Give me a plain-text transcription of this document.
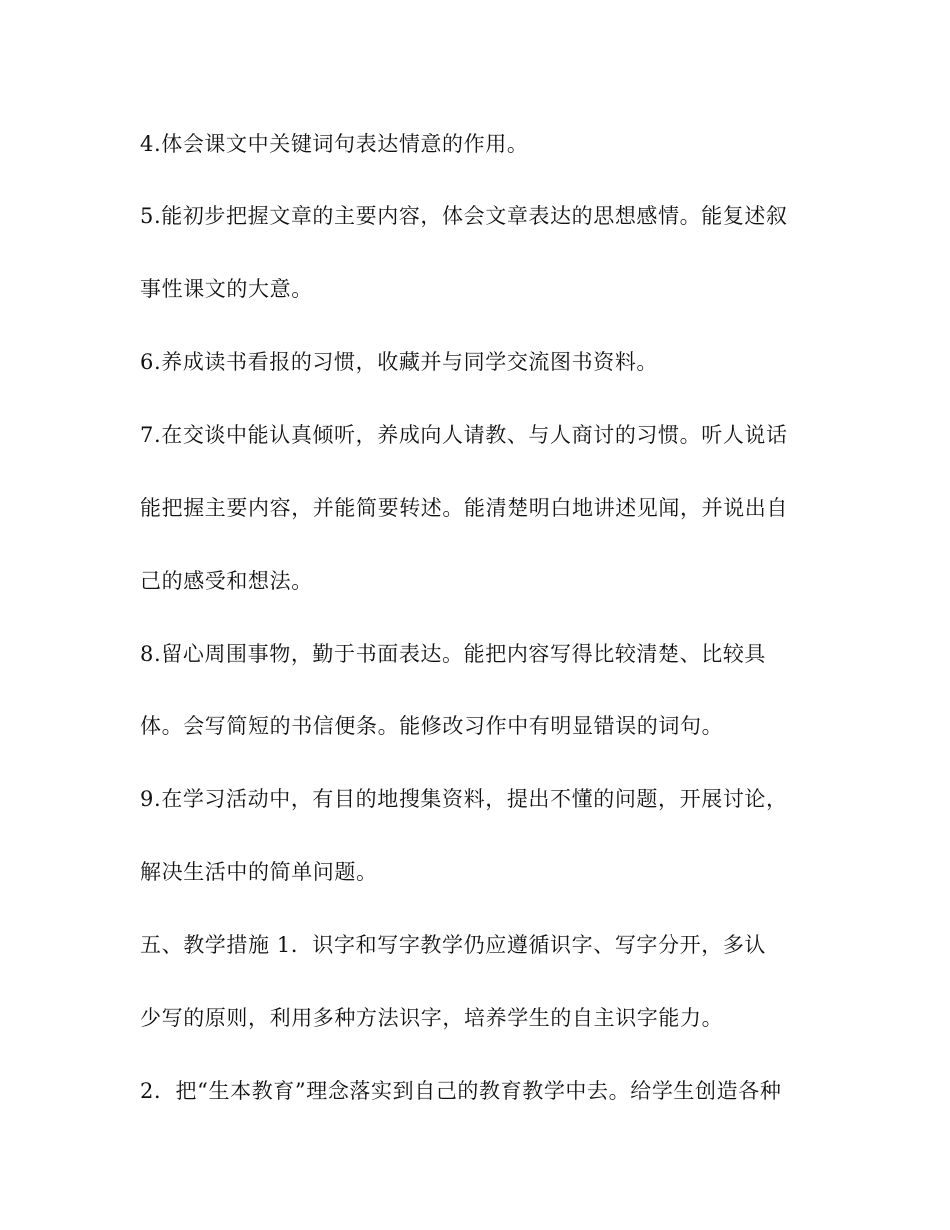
4.体会课文中关键词句表达情意的作用。
5.能初步把握文章的主要内容，体会文章表达的思想感情。能复述叙
事性课文的大意。
6.养成读书看报的习惯，收藏并与同学交流图书资料。
7.在交谈中能认真倾听，养成向人请教、与人商讨的习惯。听人说话
能把握主要内容，并能简要转述。能清楚明白地讲述见闻，并说出自
己的感受和想法。
8.留心周围事物，勤于书面表达。能把内容写得比较清楚、比较具
体。会写简短的书信便条。能修改习作中有明显错误的词句。
9.在学习活动中，有目的地搜集资料，提出不懂的问题，开展讨论，
解决生活中的简单问题。
五、教学措施 1．识字和写字教学仍应遵循识字、写字分开，多认
少写的原则，利用多种方法识字，培养学生的自主识字能力。
2．把“生本教育”理念落实到自己的教育教学中去。给学生创造各种
